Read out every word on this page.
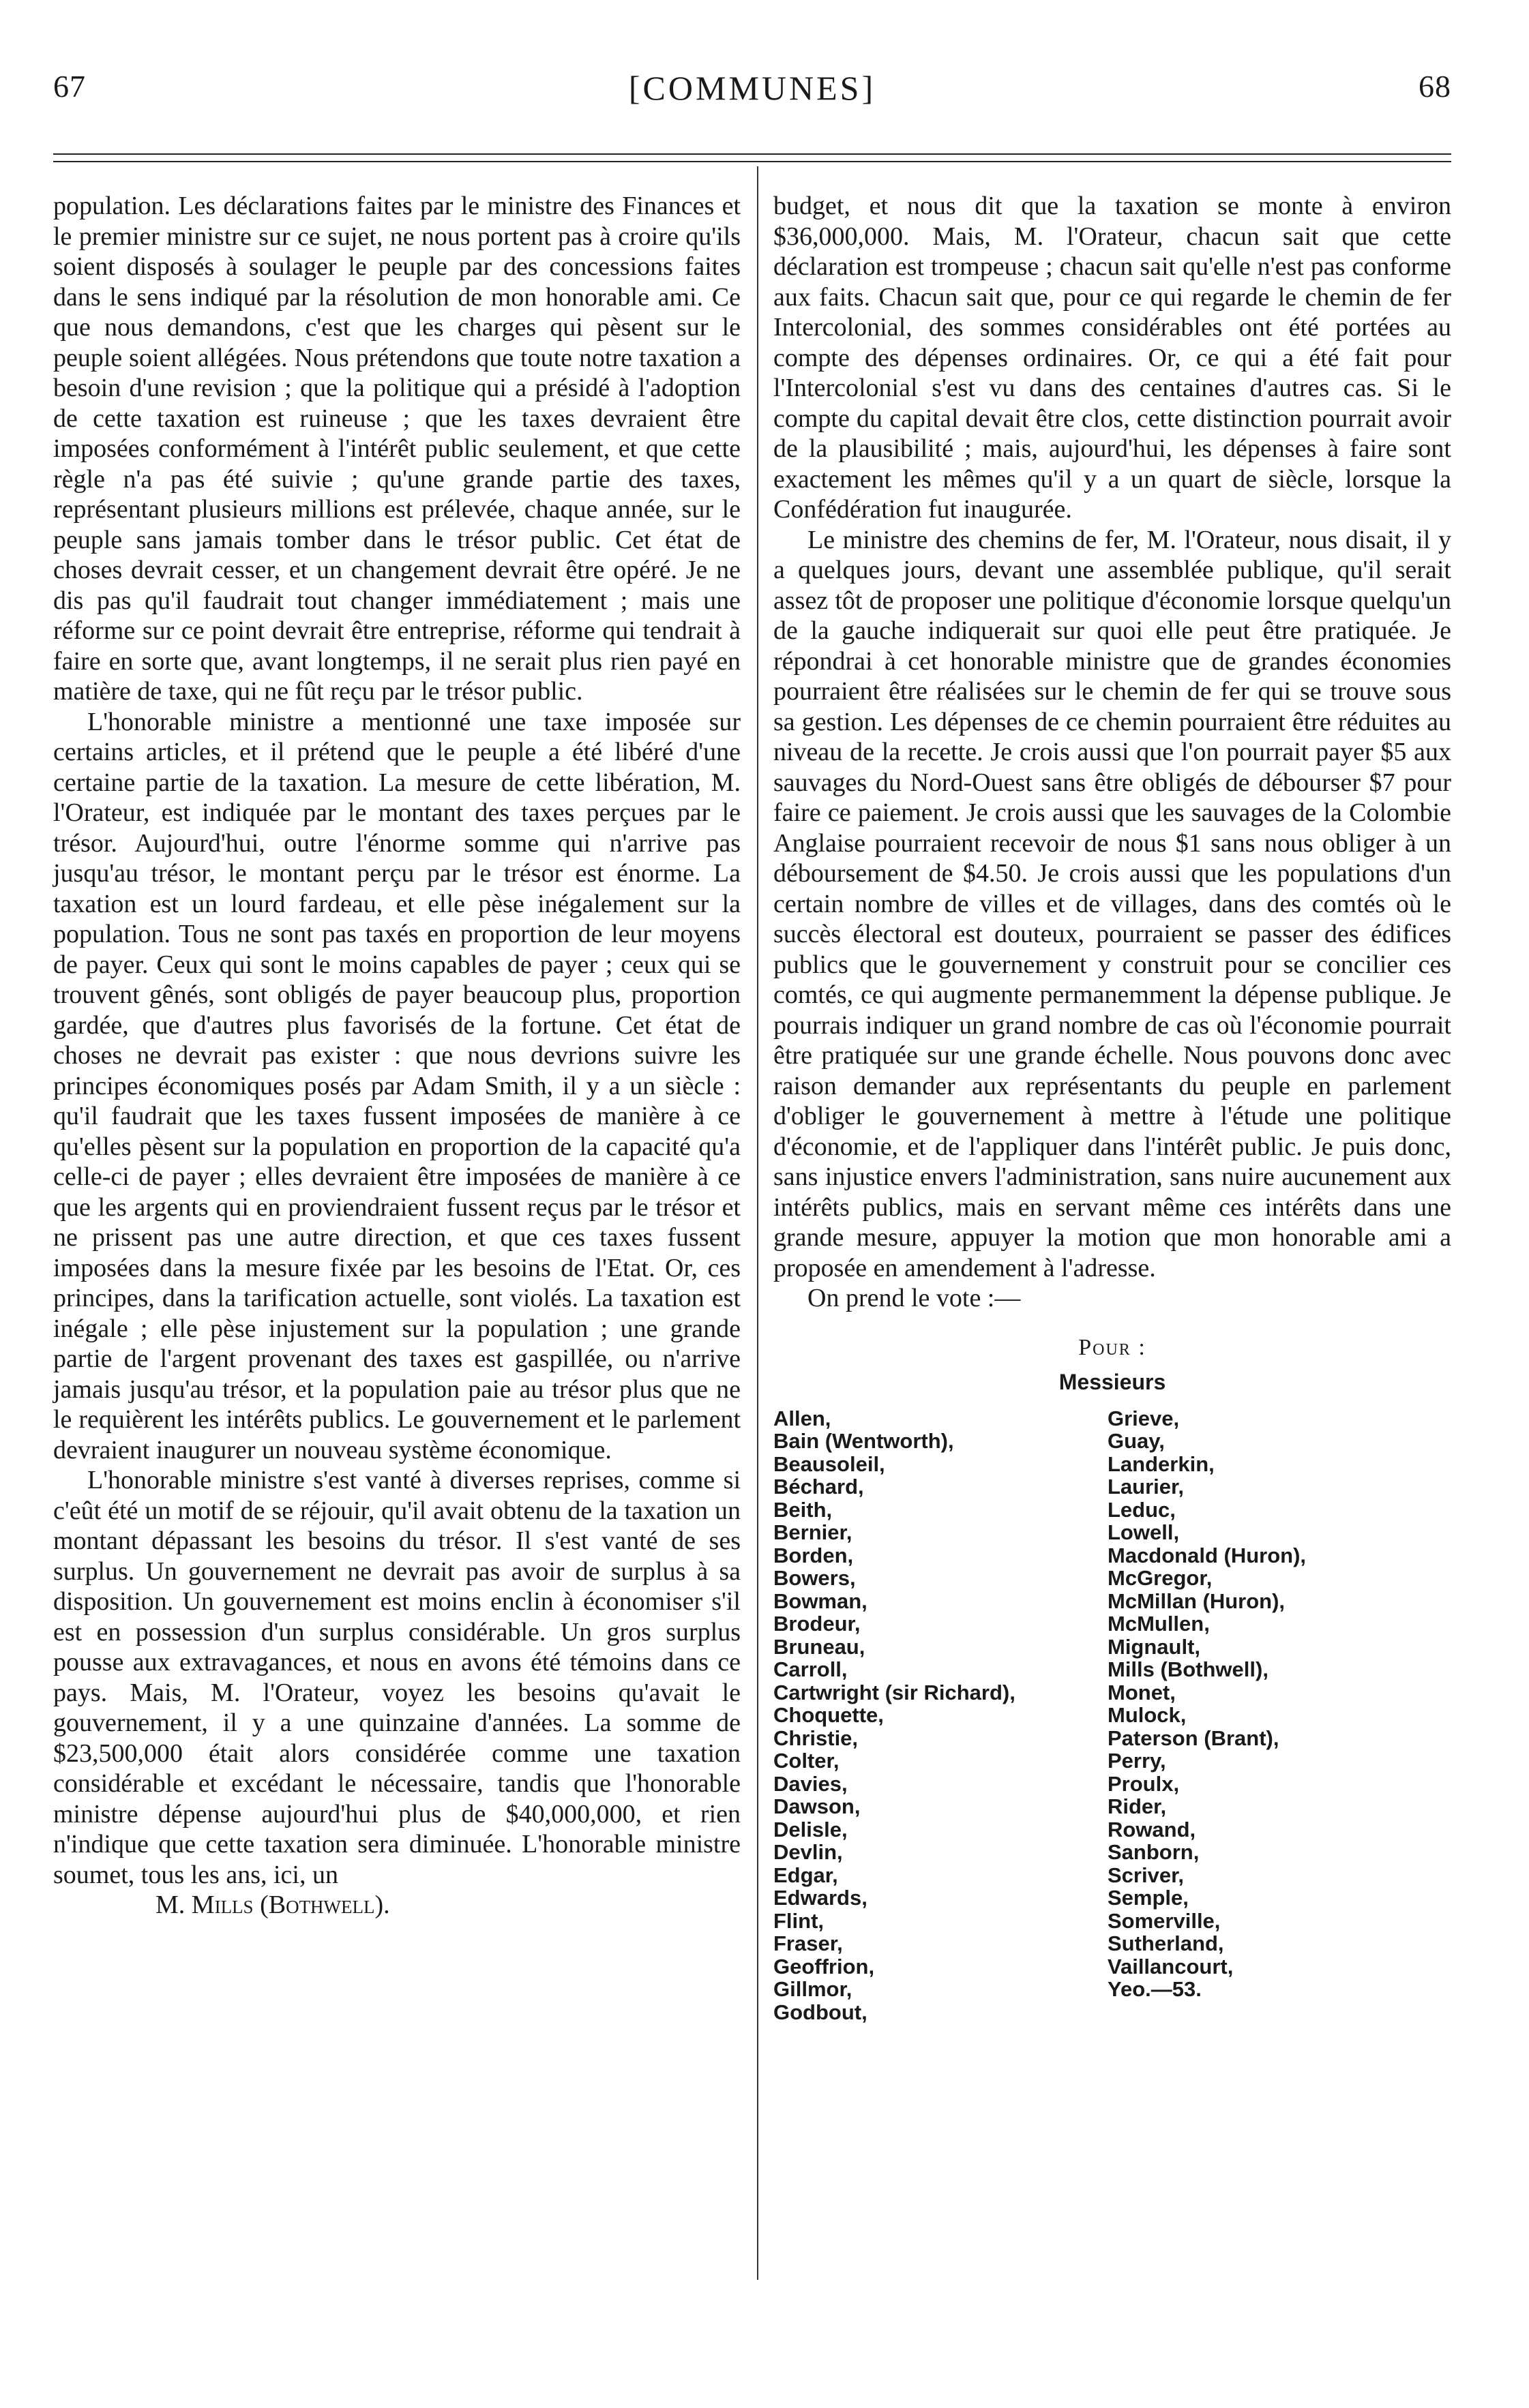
67	[COMMUNES]	68

population. Les déclarations faites par le ministre des Finances et le premier ministre sur ce sujet, ne nous portent pas à croire qu'ils soient disposés à soulager le peuple par des concessions faites dans le sens indiqué par la résolution de mon honorable ami. Ce que nous demandons, c'est que les charges qui pèsent sur le peuple soient allégées. Nous prétendons que toute notre taxation a besoin d'une revision ; que la politique qui a présidé à l'adoption de cette taxation est ruineuse ; que les taxes devraient être imposées conformément à l'intérêt public seulement, et que cette règle n'a pas été suivie ; qu'une grande partie des taxes, représentant plusieurs millions est prélevée, chaque année, sur le peuple sans jamais tomber dans le trésor public. Cet état de choses devrait cesser, et un changement devrait être opéré. Je ne dis pas qu'il faudrait tout changer immédiatement ; mais une réforme sur ce point devrait être entreprise, réforme qui tendrait à faire en sorte que, avant longtemps, il ne serait plus rien payé en matière de taxe, qui ne fût reçu par le trésor public.

L'honorable ministre a mentionné une taxe imposée sur certains articles, et il prétend que le peuple a été libéré d'une certaine partie de la taxation. La mesure de cette libération, M. l'Orateur, est indiquée par le montant des taxes perçues par le trésor. Aujourd'hui, outre l'énorme somme qui n'arrive pas jusqu'au trésor, le montant perçu par le trésor est énorme. La taxation est un lourd fardeau, et elle pèse inégalement sur la population. Tous ne sont pas taxés en proportion de leur moyens de payer. Ceux qui sont le moins capables de payer ; ceux qui se trouvent gênés, sont obligés de payer beaucoup plus, proportion gardée, que d'autres plus favorisés de la fortune. Cet état de choses ne devrait pas exister : que nous devrions suivre les principes économiques posés par Adam Smith, il y a un siècle : qu'il faudrait que les taxes fussent imposées de manière à ce qu'elles pèsent sur la population en proportion de la capacité qu'a celle-ci de payer ; elles devraient être imposées de manière à ce que les argents qui en proviendraient fussent reçus par le trésor et ne prissent pas une autre direction, et que ces taxes fussent imposées dans la mesure fixée par les besoins de l'Etat. Or, ces principes, dans la tarification actuelle, sont violés. La taxation est inégale ; elle pèse injustement sur la population ; une grande partie de l'argent provenant des taxes est gaspillée, ou n'arrive jamais jusqu'au trésor, et la population paie au trésor plus que ne le requièrent les intérêts publics. Le gouvernement et le parlement devraient inaugurer un nouveau système économique.

L'honorable ministre s'est vanté à diverses reprises, comme si c'eût été un motif de se réjouir, qu'il avait obtenu de la taxation un montant dépassant les besoins du trésor. Il s'est vanté de ses surplus. Un gouvernement ne devrait pas avoir de surplus à sa disposition. Un gouvernement est moins enclin à économiser s'il est en possession d'un surplus considérable. Un gros surplus pousse aux extravagances, et nous en avons été témoins dans ce pays. Mais, M. l'Orateur, voyez les besoins qu'avait le gouvernement, il y a une quinzaine d'années. La somme de $23,500,000 était alors considérée comme une taxation considérable et excédant le nécessaire, tandis que l'honorable ministre dépense aujourd'hui plus de $40,000,000, et rien n'indique que cette taxation sera diminuée. L'honorable ministre soumet, tous les ans, ici, un

M. Mills (Bothwell).

budget, et nous dit que la taxation se monte à environ $36,000,000. Mais, M. l'Orateur, chacun sait que cette déclaration est trompeuse ; chacun sait qu'elle n'est pas conforme aux faits. Chacun sait que, pour ce qui regarde le chemin de fer Intercolonial, des sommes considérables ont été portées au compte des dépenses ordinaires. Or, ce qui a été fait pour l'Intercolonial s'est vu dans des centaines d'autres cas. Si le compte du capital devait être clos, cette distinction pourrait avoir de la plausibilité ; mais, aujourd'hui, les dépenses à faire sont exactement les mêmes qu'il y a un quart de siècle, lorsque la Confédération fut inaugurée.

Le ministre des chemins de fer, M. l'Orateur, nous disait, il y a quelques jours, devant une assemblée publique, qu'il serait assez tôt de proposer une politique d'économie lorsque quelqu'un de la gauche indiquerait sur quoi elle peut être pratiquée. Je répondrai à cet honorable ministre que de grandes économies pourraient être réalisées sur le chemin de fer qui se trouve sous sa gestion. Les dépenses de ce chemin pourraient être réduites au niveau de la recette. Je crois aussi que l'on pourrait payer $5 aux sauvages du Nord-Ouest sans être obligés de débourser $7 pour faire ce paiement. Je crois aussi que les sauvages de la Colombie Anglaise pourraient recevoir de nous $1 sans nous obliger à un déboursement de $4.50. Je crois aussi que les populations d'un certain nombre de villes et de villages, dans des comtés où le succès électoral est douteux, pourraient se passer des édifices publics que le gouvernement y construit pour se concilier ces comtés, ce qui augmente permanemment la dépense publique. Je pourrais indiquer un grand nombre de cas où l'économie pourrait être pratiquée sur une grande échelle. Nous pouvons donc avec raison demander aux représentants du peuple en parlement d'obliger le gouvernement à mettre à l'étude une politique d'économie, et de l'appliquer dans l'intérêt public. Je puis donc, sans injustice envers l'administration, sans nuire aucunement aux intérêts publics, mais en servant même ces intérêts dans une grande mesure, appuyer la motion que mon honorable ami a proposée en amendement à l'adresse.

On prend le vote :—

Pour :
Messieurs
Allen,
Bain (Wentworth),
Beausoleil,
Béchard,
Beith,
Bernier,
Borden,
Bowers,
Bowman,
Brodeur,
Bruneau,
Carroll,
Cartwright (sir Richard),
Choquette,
Christie,
Colter,
Davies,
Dawson,
Delisle,
Devlin,
Edgar,
Edwards,
Flint,
Fraser,
Geoffrion,
Gillmor,
Godbout,
Grieve,
Guay,
Landerkin,
Laurier,
Leduc,
Lowell,
Macdonald (Huron),
McGregor,
McMillan (Huron),
McMullen,
Mignault,
Mills (Bothwell),
Monet,
Mulock,
Paterson (Brant),
Perry,
Proulx,
Rider,
Rowand,
Sanborn,
Scriver,
Semple,
Somerville,
Sutherland,
Vaillancourt,
Yeo.—53.
